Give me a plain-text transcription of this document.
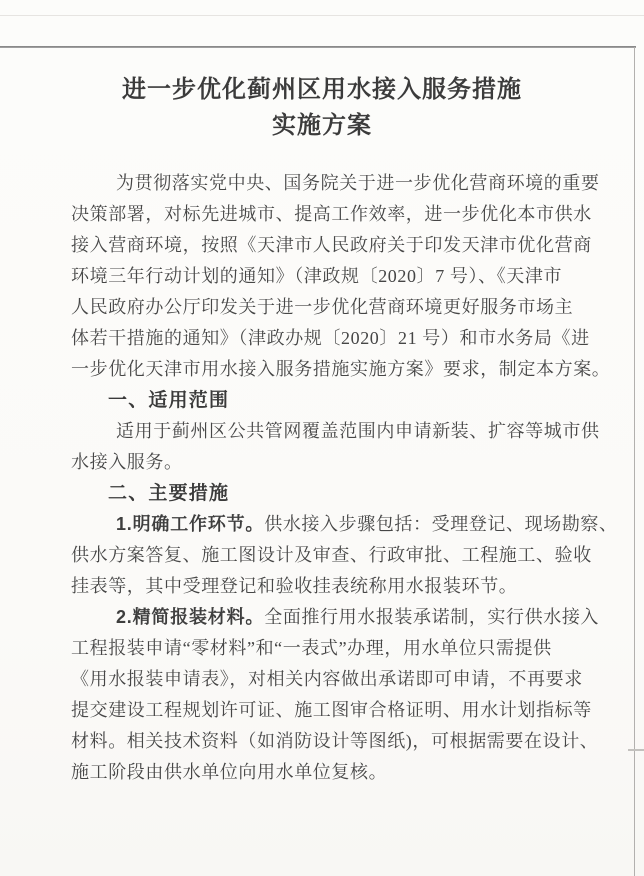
进一步优化蓟州区用水接入服务措施
实施方案

为贯彻落实党中央、国务院关于进一步优化营商环境的重要

决策部署，对标先进城市、提高工作效率，进一步优化本市供水

接入营商环境，按照《天津市人民政府关于印发天津市优化营商

环境三年行动计划的通知》（津政规〔2020〕7 号）、《天津市

人民政府办公厅印发关于进一步优化营商环境更好服务市场主

体若干措施的通知》（津政办规〔2020〕21 号）和市水务局《进

一步优化天津市用水接入服务措施实施方案》要求，制定本方案。

一、适用范围

适用于蓟州区公共管网覆盖范围内申请新装、扩容等城市供

水接入服务。

二、主要措施

1.明确工作环节。供水接入步骤包括：受理登记、现场勘察、

供水方案答复、施工图设计及审查、行政审批、工程施工、验收

挂表等，其中受理登记和验收挂表统称用水报装环节。

2.精简报装材料。全面推行用水报装承诺制，实行供水接入

工程报装申请“零材料”和“一表式”办理，用水单位只需提供

《用水报装申请表》，对相关内容做出承诺即可申请，不再要求

提交建设工程规划许可证、施工图审合格证明、用水计划指标等

材料。相关技术资料（如消防设计等图纸)，可根据需要在设计、

施工阶段由供水单位向用水单位复核。
